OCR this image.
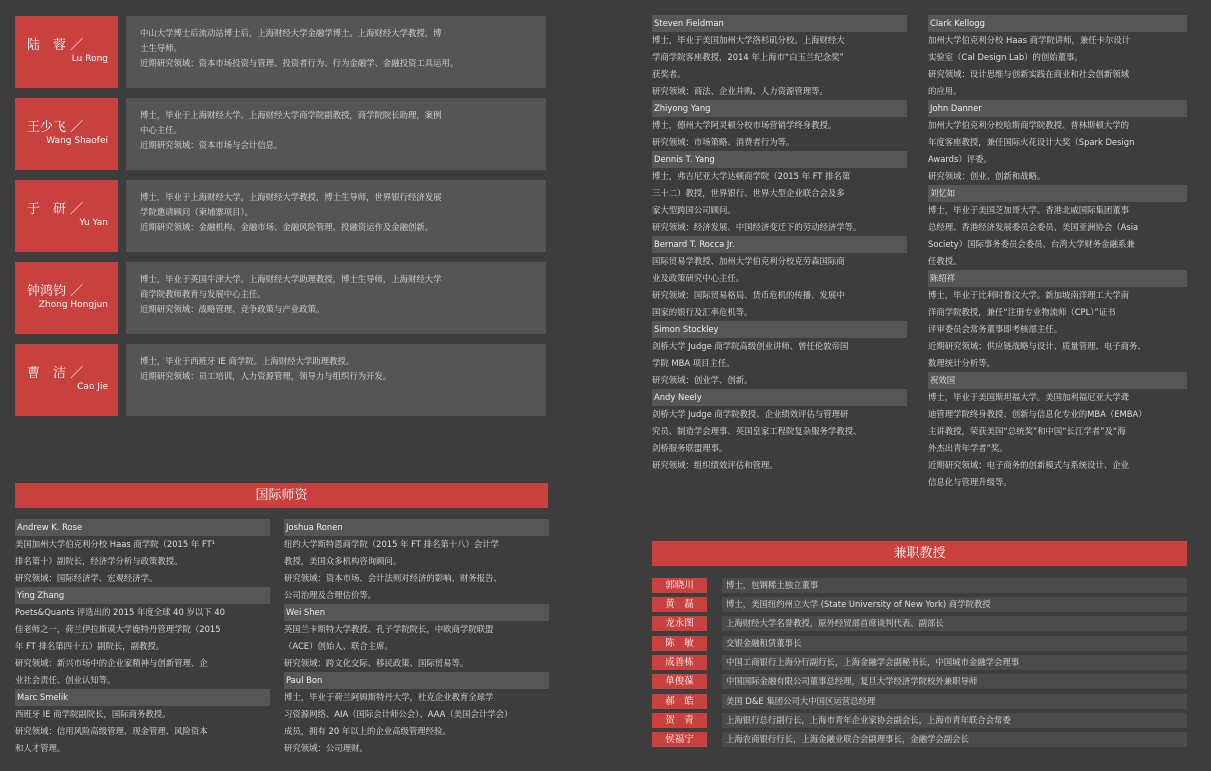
陆　蓉 ／
Lu Rong
中山大学博士后流动站博士后，上海财经大学金融学博士。上海财经大学教授，博
士生导师。
近期研究领域：资本市场投资与管理、投资者行为、行为金融学、金融投资工具运用。
王少飞 ／
Wang Shaofei
博士，毕业于上海财经大学。上海财经大学商学院副教授，商学院院长助理，案例
中心主任。
近期研究领域：资本市场与会计信息。
于　研 ／
Yu Yan
博士，毕业于上海财经大学。上海财经大学教授，博士生导师，世界银行经济发展
学院邀请顾问（柬埔寨项目）。
近期研究领域：金融机构、金融市场、金融风险管理、投融资运作及金融创新。
钟鸿钧 ／
Zhong Hongjun
博士，毕业于英国牛津大学。上海财经大学助理教授，博士生导师，上海财经大学
商学院教师教育与发展中心主任。
近期研究领域：战略管理、竞争政策与产业政策。
曹　洁 ／
Cao Jie
博士，毕业于西班牙 IE 商学院。上海财经大学助理教授。
近期研究领域：员工培训，人力资源管理，领导力与组织行为开发。
国际师资
兼职教授
Andrew K. Rose
美国加州大学伯克利分校 Haas 商学院（2015 年 FT¹
排名第十）副院长，经济学分析与政策教授。
研究领域：国际经济学、宏观经济学。
Ying Zhang
Poets&Quants 评选出的 2015 年度全球 40 岁以下 40
佳老师之一，荷兰伊拉斯谟大学鹿特丹管理学院（2015
年 FT 排名第四十五）副院长，副教授。
研究领域：新兴市场中的企业家精神与创新管理、企
业社会责任、创业认知等。
Marc Smelik
西班牙 IE 商学院副院长，国际商务教授。
研究领域：信用风险高级管理、现金管理、风险资本
和人才管理。
Joshua Ronen
纽约大学斯特恩商学院（2015 年 FT 排名第十八）会计学
教授，美国众多机构咨询顾问。
研究领域：资本市场、会计法则对经济的影响、财务报告、
公司治理及合理估价等。
Wei Shen
英国兰卡斯特大学教授、孔子学院院长，中欧商学院联盟
（ACE）创始人、联合主席。
研究领域：跨文化交际、移民政策、国际贸易等。
Paul Bon
博士，毕业于荷兰阿姆斯特丹大学，杜克企业教育全球学
习资源网络、AIA（国际会计师公会）、AAA（美国会计学会）
成员，拥有 20 年以上的企业高级管理经验。
研究领域：公司理财。
Steven Fieldman
博士，毕业于美国加州大学洛杉矶分校。上海财经大
学商学院客座教授，2014 年上海市“白玉兰纪念奖”
获奖者。
研究领域：商法、企业并购、人力资源管理等。
Zhiyong Yang
博士，德州大学阿灵顿分校市场营销学终身教授。
研究领域：市场策略、消费者行为等。
Dennis T. Yang
博士，弗吉尼亚大学达顿商学院（2015 年 FT 排名第
三十二）教授，世界银行、世界大型企业联合会及多
家大型跨国公司顾问。
研究领域：经济发展、中国经济变迁下的劳动经济学等。
Bernard T. Rocca Jr.
国际贸易学教授、加州大学伯克利分校克劳森国际商
业及政策研究中心主任。
研究领域：国际贸易格局、货币危机的传播、发展中
国家的银行及汇率危机等。
Simon Stockley
剑桥大学 Judge 商学院高级创业讲师、曾任伦敦帝国
学院 MBA 项目主任。
研究领域：创业学、创新。
Andy Neely
剑桥大学 Judge 商学院教授、企业绩效评估与管理研
究员、制造学会理事、英国皇家工程院复杂服务学教授、
剑桥服务联盟理事。
研究领域：组织绩效评估和管理。
Clark Kellogg
加州大学伯克利分校 Haas 商学院讲师，兼任卡尔设计
实验室（Cal Design Lab）的创始董事。
研究领域：设计思维与创新实践在商业和社会创新领域
的应用。
John Danner
加州大学伯克利分校哈斯商学院教授、普林斯顿大学的
年度客座教授，兼任国际火花设计大奖（Spark Design
Awards）评委。
研究领域：创业、创新和战略。
刘忆如
博士，毕业于美国芝加哥大学。香港北威国际集团董事
总经理、香港经济发展委员会委员、美国亚洲协会（Asia
Society）国际事务委员会委员、台湾大学财务金融系兼
任教授。
陈绍祥
博士，毕业于比利时鲁汶大学。新加坡南洋理工大学南
洋商学院教授，兼任“注册专业物流师（CPL）”证书
评审委员会常务董事即考核部主任。
近期研究领域：供应链战略与设计、质量管理、电子商务、
数理统计分析等。
祝效国
博士，毕业于美国斯坦福大学。美国加利福尼亚大学聋
迪管理学院终身教授、创新与信息化专业的MBA（EMBA）
主讲教授，荣获美国“总统奖”和中国“长江学者”及“海
外杰出青年学者”奖。
近期研究领域：电子商务的创新模式与系统设计、企业
信息化与管理升级等。
郭晓川	博士，包钢稀土独立董事
黄　磊	博士，美国纽约州立大学 (State University of New York) 商学院教授
龙永图	上海财经大学名誉教授，原外经贸部首席谈判代表、副部长
陈　敏	交银金融租赁董事长
成善栋	中国工商银行上海分行副行长，上海金融学会副秘书长，中国城市金融学会理事
单俊葆	中国国际金融有限公司董事总经理，复旦大学经济学院校外兼职导师
郝　皓	美国 D&E 集团公司大中国区运营总经理
贺　青	上海银行总行副行长，上海市青年企业家协会副会长，上海市青年联合会常委
侯福宁	上海农商银行行长，上海金融业联合会副理事长，金融学会副会长
